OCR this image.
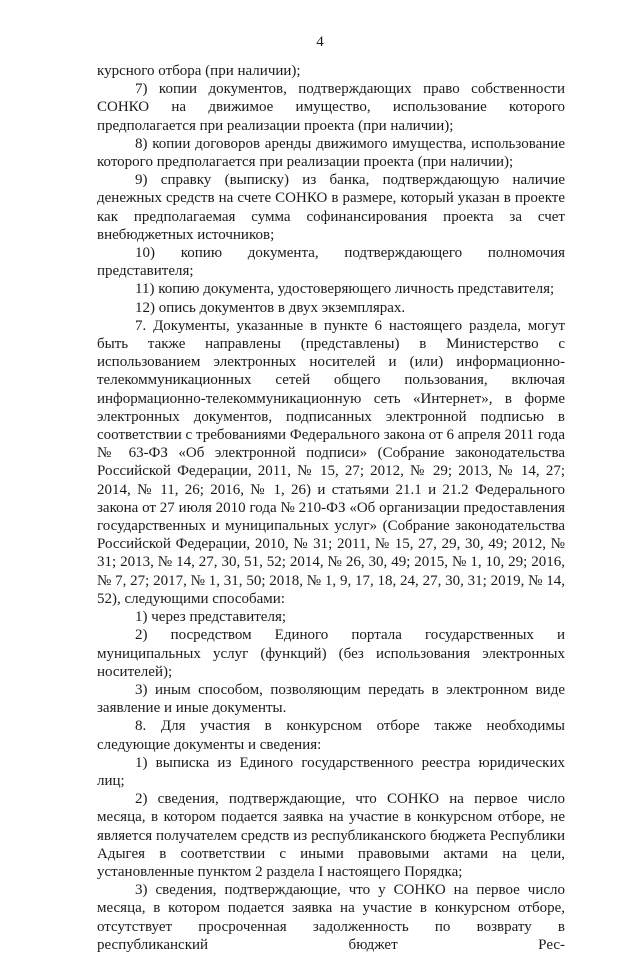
4

курсного отбора (при наличии);

7) копии документов, подтверждающих право собственности СОНКО на движимое имущество, использование которого предполагается при реализации проекта (при наличии);

8) копии договоров аренды движимого имущества, использование которого предполагается при реализации проекта (при наличии);

9) справку (выписку) из банка, подтверждающую наличие денежных средств на счете СОНКО в размере, который указан в проекте как предполагаемая сумма софинансирования проекта за счет внебюджетных источников;

10) копию документа, подтверждающего полномочия представителя;

11) копию документа, удостоверяющего личность представителя;

12) опись документов в двух экземплярах.

7. Документы, указанные в пункте 6 настоящего раздела, могут быть также направлены (представлены) в Министерство с использованием электронных носителей и (или) информационно-телекоммуникационных сетей общего пользования, включая информационно-телекоммуникационную сеть «Интернет», в форме электронных документов, подписанных электронной подписью в соответствии с требованиями Федерального закона от 6 апреля 2011 года № 63-ФЗ «Об электронной подписи» (Собрание законодательства Российской Федерации, 2011, № 15, 27; 2012, № 29; 2013, № 14, 27; 2014, № 11, 26; 2016, № 1, 26) и статьями 21.1 и 21.2 Федерального закона от 27 июля 2010 года № 210-ФЗ «Об организации предоставления государственных и муниципальных услуг» (Собрание законодательства Российской Федерации, 2010, № 31; 2011, № 15, 27, 29, 30, 49; 2012, № 31; 2013, № 14, 27, 30, 51, 52; 2014, № 26, 30, 49; 2015, № 1, 10, 29; 2016, № 7, 27; 2017, № 1, 31, 50; 2018, № 1, 9, 17, 18, 24, 27, 30, 31; 2019, № 14, 52), следующими способами:

1) через представителя;

2) посредством Единого портала государственных и муниципальных услуг (функций) (без использования электронных носителей);

3) иным способом, позволяющим передать в электронном виде заявление и иные документы.

8. Для участия в конкурсном отборе также необходимы следующие документы и сведения:

1) выписка из Единого государственного реестра юридических лиц;

2) сведения, подтверждающие, что СОНКО на первое число месяца, в котором подается заявка на участие в конкурсном отборе, не является получателем средств из республиканского бюджета Республики Адыгея в соответствии с иными правовыми актами на цели, установленные пунктом 2 раздела I настоящего Порядка;

3) сведения, подтверждающие, что у СОНКО на первое число месяца, в котором подается заявка на участие в конкурсном отборе, отсутствует просроченная задолженность по возврату в республиканский бюджет Рес-
